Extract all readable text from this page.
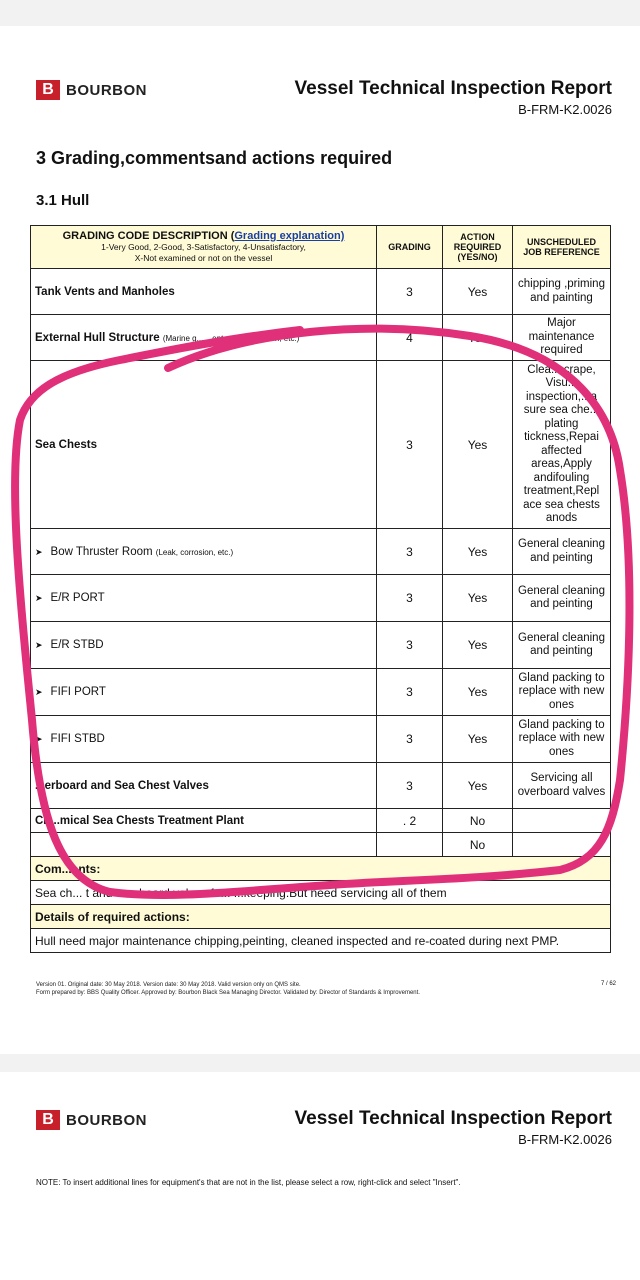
B BOURBON	Vessel Technical Inspection Report
B-FRM-K2.0026
3 Grading,commentsand actions required
3.1 Hull
GRADING CODE DESCRIPTION (Grading explanation)
1-Very Good, 2-Good, 3-Satisfactory, 4-Unsatisfactory,
X-Not examined or not on the vessel	GRADING	ACTION REQUIRED (YES/NO)	UNSCHEDULED JOB REFERENCE
Tank Vents and Manholes	3	Yes	chipping ,priming and painting
External Hull Structure (Marine g... ...ent, paint condition, etc.)	4	Yes	Major maintenance required
Sea Chests	3	Yes	Clea... crape, Visu... inspection,...a sure sea che... plating tickness,Repai affected areas,Apply andifouling treatment,Repl ace sea chests anods
➤ Bow Thruster Room (Leak, corrosion, etc.)	3	Yes	General cleaning and peinting
➤ E/R PORT	3	Yes	General cleaning and peinting
➤ E/R STBD	3	Yes	General cleaning and peinting
➤ FIFI PORT	3	Yes	Gland packing to replace with new ones
➤ FIFI STBD	3	Yes	Gland packing to replace with new ones
...erboard and Sea Chest Valves	3	Yes	Servicing all overboard valves
Ch...mical Sea Chests Treatment Plant	. 2	No	
		No	
Com...ents:			
Sea ch... t and overboard valves fo... ...keeping.But need servicing all of them			
Details of required actions:			
Hull need major maintenance chipping,peinting, cleaned inspected and re-coated during next PMP.			
Version 01. Original date: 30 May 2018. Version date: 30 May 2018. Valid version only on QMS site.
Form prepared by: BBS Quality Officer. Approved by: Bourbon Black Sea Managing Director. Validated by: Director of Standards & Improvement.
7 / 62
B BOURBON	Vessel Technical Inspection Report
B-FRM-K2.0026
NOTE: To insert additional lines for equipment's that are not in the list, please select a row, right-click and select "Insert".
